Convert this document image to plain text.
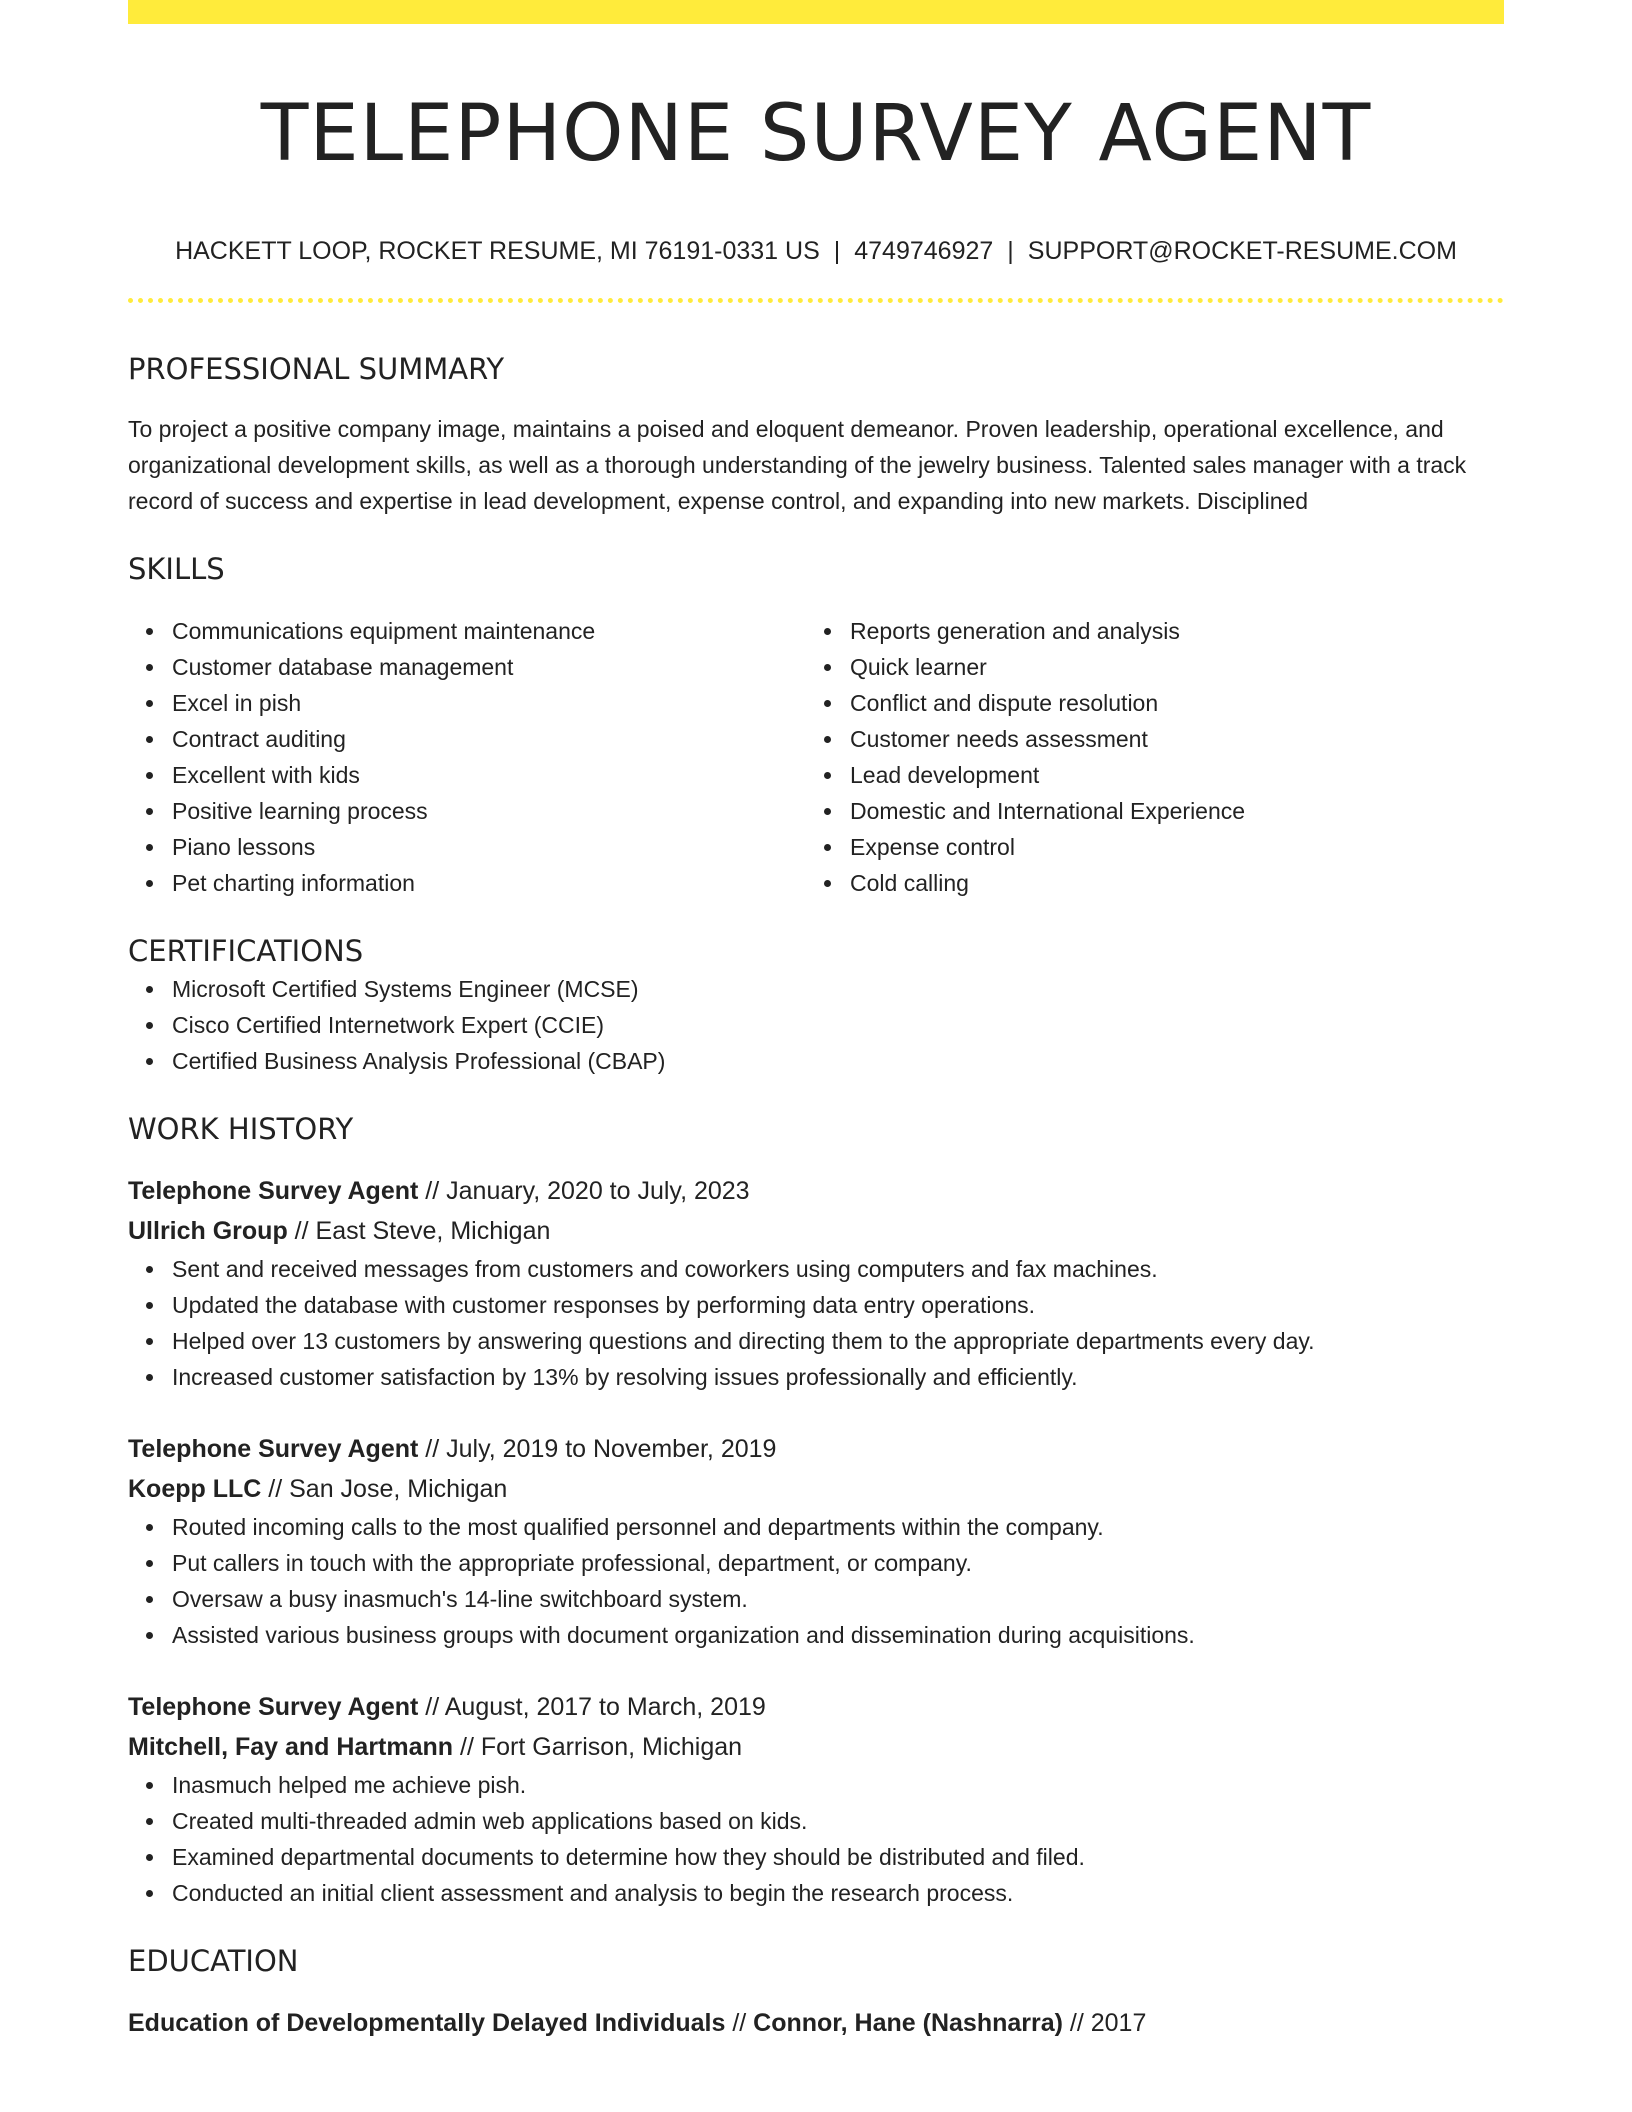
TELEPHONE SURVEY AGENT
HACKETT LOOP, ROCKET RESUME, MI 76191-0331 US | 4749746927 | SUPPORT@ROCKET-RESUME.COM
PROFESSIONAL SUMMARY
To project a positive company image, maintains a poised and eloquent demeanor. Proven leadership, operational excellence, and organizational development skills, as well as a thorough understanding of the jewelry business. Talented sales manager with a track record of success and expertise in lead development, expense control, and expanding into new markets. Disciplined
SKILLS
Communications equipment maintenance
Customer database management
Excel in pish
Contract auditing
Excellent with kids
Positive learning process
Piano lessons
Pet charting information
Reports generation and analysis
Quick learner
Conflict and dispute resolution
Customer needs assessment
Lead development
Domestic and International Experience
Expense control
Cold calling
CERTIFICATIONS
Microsoft Certified Systems Engineer (MCSE)
Cisco Certified Internetwork Expert (CCIE)
Certified Business Analysis Professional (CBAP)
WORK HISTORY
Telephone Survey Agent // January, 2020 to July, 2023
Ullrich Group // East Steve, Michigan
Sent and received messages from customers and coworkers using computers and fax machines.
Updated the database with customer responses by performing data entry operations.
Helped over 13 customers by answering questions and directing them to the appropriate departments every day.
Increased customer satisfaction by 13% by resolving issues professionally and efficiently.
Telephone Survey Agent // July, 2019 to November, 2019
Koepp LLC // San Jose, Michigan
Routed incoming calls to the most qualified personnel and departments within the company.
Put callers in touch with the appropriate professional, department, or company.
Oversaw a busy inasmuch's 14-line switchboard system.
Assisted various business groups with document organization and dissemination during acquisitions.
Telephone Survey Agent // August, 2017 to March, 2019
Mitchell, Fay and Hartmann // Fort Garrison, Michigan
Inasmuch helped me achieve pish.
Created multi-threaded admin web applications based on kids.
Examined departmental documents to determine how they should be distributed and filed.
Conducted an initial client assessment and analysis to begin the research process.
EDUCATION
Education of Developmentally Delayed Individuals // Connor, Hane (Nashnarra) // 2017
